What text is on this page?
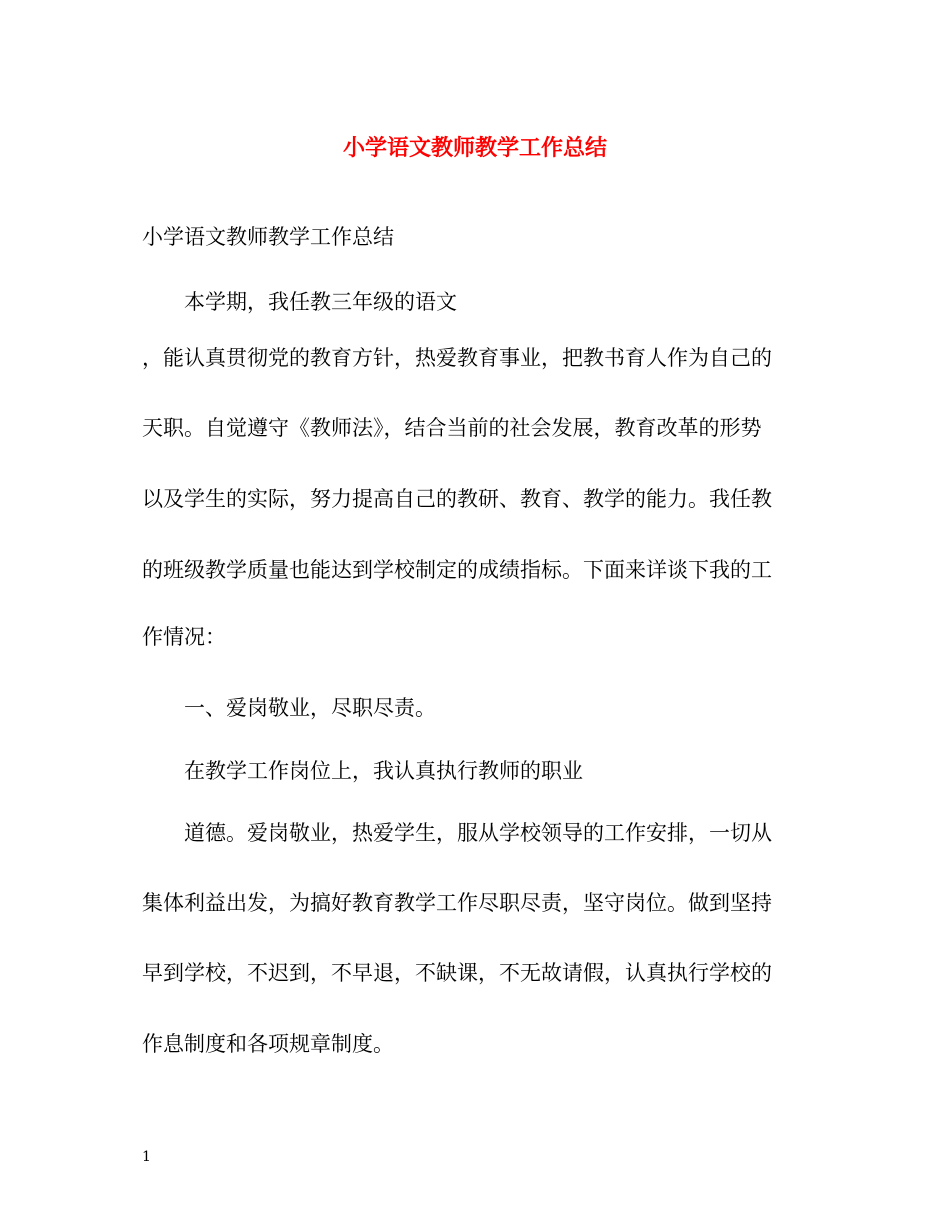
小学语文教师教学工作总结

小学语文教师教学工作总结

本学期，我任教三年级的语文

，能认真贯彻党的教育方针，热爱教育事业，把教书育人作为自己的

天职。自觉遵守《教师法》，结合当前的社会发展，教育改革的形势

以及学生的实际，努力提高自己的教研、教育、教学的能力。我任教

的班级教学质量也能达到学校制定的成绩指标。下面来详谈下我的工

作情况：

一、爱岗敬业，尽职尽责。

在教学工作岗位上，我认真执行教师的职业

道德。爱岗敬业，热爱学生，服从学校领导的工作安排，一切从

集体利益出发，为搞好教育教学工作尽职尽责，坚守岗位。做到坚持

早到学校，不迟到，不早退，不缺课，不无故请假，认真执行学校的

作息制度和各项规章制度。

1
